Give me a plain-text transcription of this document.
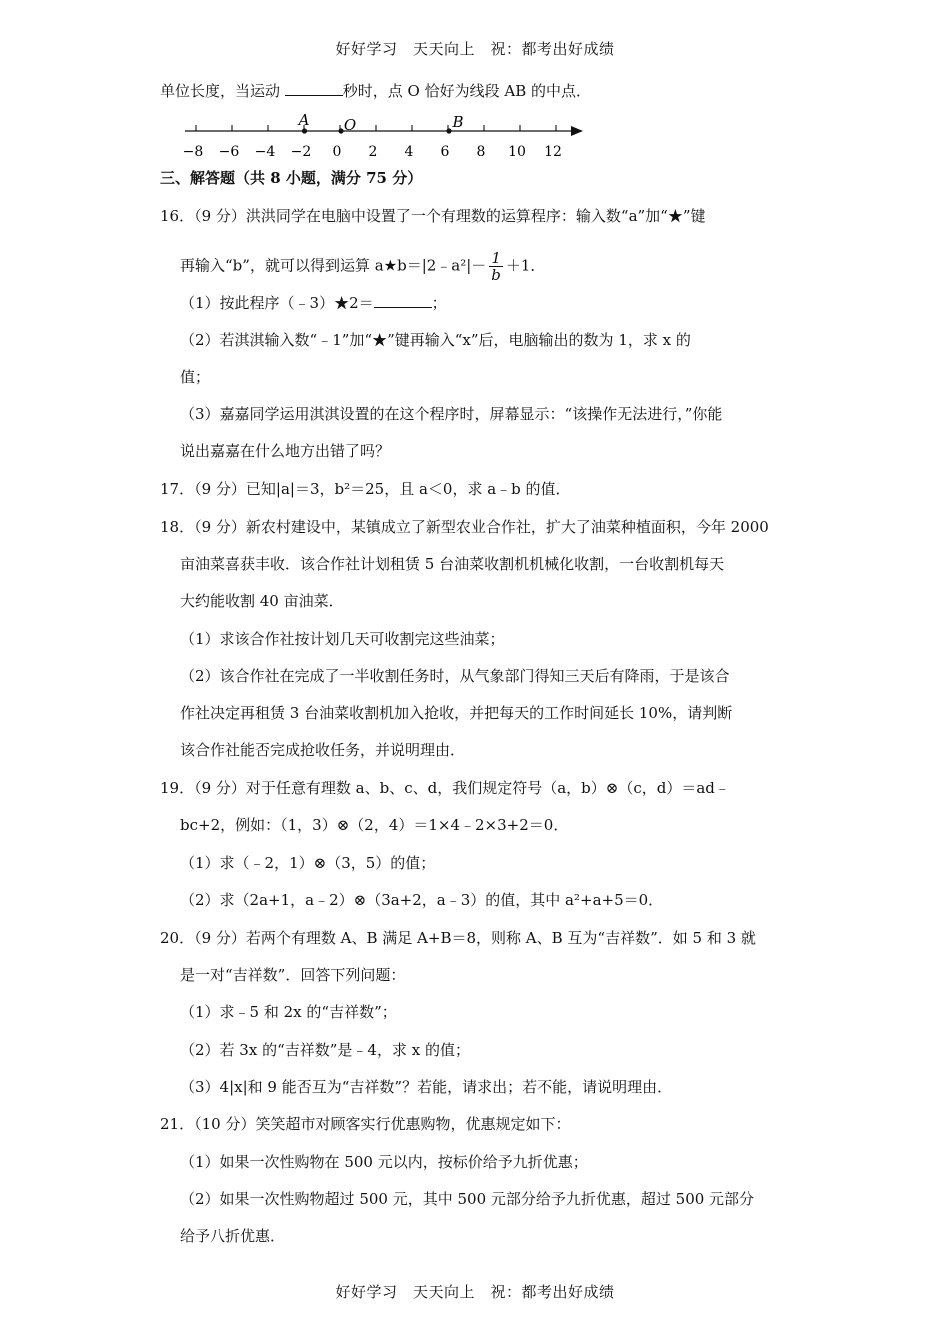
好好学习　天天向上　祝：都考出好成绩
单位长度，当运动	秒时，点 O 恰好为线段 AB 的中点．
−8 −6 −4 −2 0 2 4 6 8 10 12
A O	B
三、解答题（共 8 小题，满分 75 分）
16．（9 分）洪洪同学在电脑中设置了一个有理数的运算程序：输入数“a”加“★”键
再输入“b”，就可以得到运算 a★b＝|2﹣a²|－ $\frac{1}{b} +1$．
（1）按此程序（﹣3）★2＝	；
（2）若淇淇输入数“﹣1”加“★”键再输入“x”后，电脑输出的数为 1，求 x 的
值；
（3）嘉嘉同学运用淇淇设置的在这个程序时，屏幕显示：“该操作无法进行，”你能
说出嘉嘉在什么地方出错了吗？
17．（9 分）已知|a|＝3，b²＝25，且 a＜0，求 a﹣b 的值．
18．（9 分）新农村建设中，某镇成立了新型农业合作社，扩大了油菜种植面积，今年 2000
亩油菜喜获丰收．该合作社计划租赁 5 台油菜收割机机械化收割，一台收割机每天
大约能收割 40 亩油菜．
（1）求该合作社按计划几天可收割完这些油菜；
（2）该合作社在完成了一半收割任务时，从气象部门得知三天后有降雨，于是该合
作社决定再租赁 3 台油菜收割机加入抢收，并把每天的工作时间延长 10%，请判断
该合作社能否完成抢收任务，并说明理由．
19．（9 分）对于任意有理数 a、b、c、d，我们规定符号（a，b）⊗（c，d）＝ad﹣
bc+2，例如：（1，3）⊗（2，4）＝1×4﹣2×3+2＝0．
（1）求（﹣2，1）⊗（3，5）的值；
（2）求（2a+1，a﹣2）⊗（3a+2，a﹣3）的值，其中 a²+a+5＝0．
20．（9 分）若两个有理数 A、B 满足 A+B＝8，则称 A、B 互为“吉祥数”．如 5 和 3 就
是一对“吉祥数”．回答下列问题：
（1）求﹣5 和 2x 的“吉祥数”；
（2）若 3x 的“吉祥数”是﹣4，求 x 的值；
（3）4|x|和 9 能否互为“吉祥数”？若能，请求出；若不能，请说明理由．
21．（10 分）笑笑超市对顾客实行优惠购物，优惠规定如下：
（1）如果一次性购物在 500 元以内，按标价给予九折优惠；
（2）如果一次性购物超过 500 元，其中 500 元部分给予九折优惠，超过 500 元部分
给予八折优惠．
好好学习　天天向上　祝：都考出好成绩
